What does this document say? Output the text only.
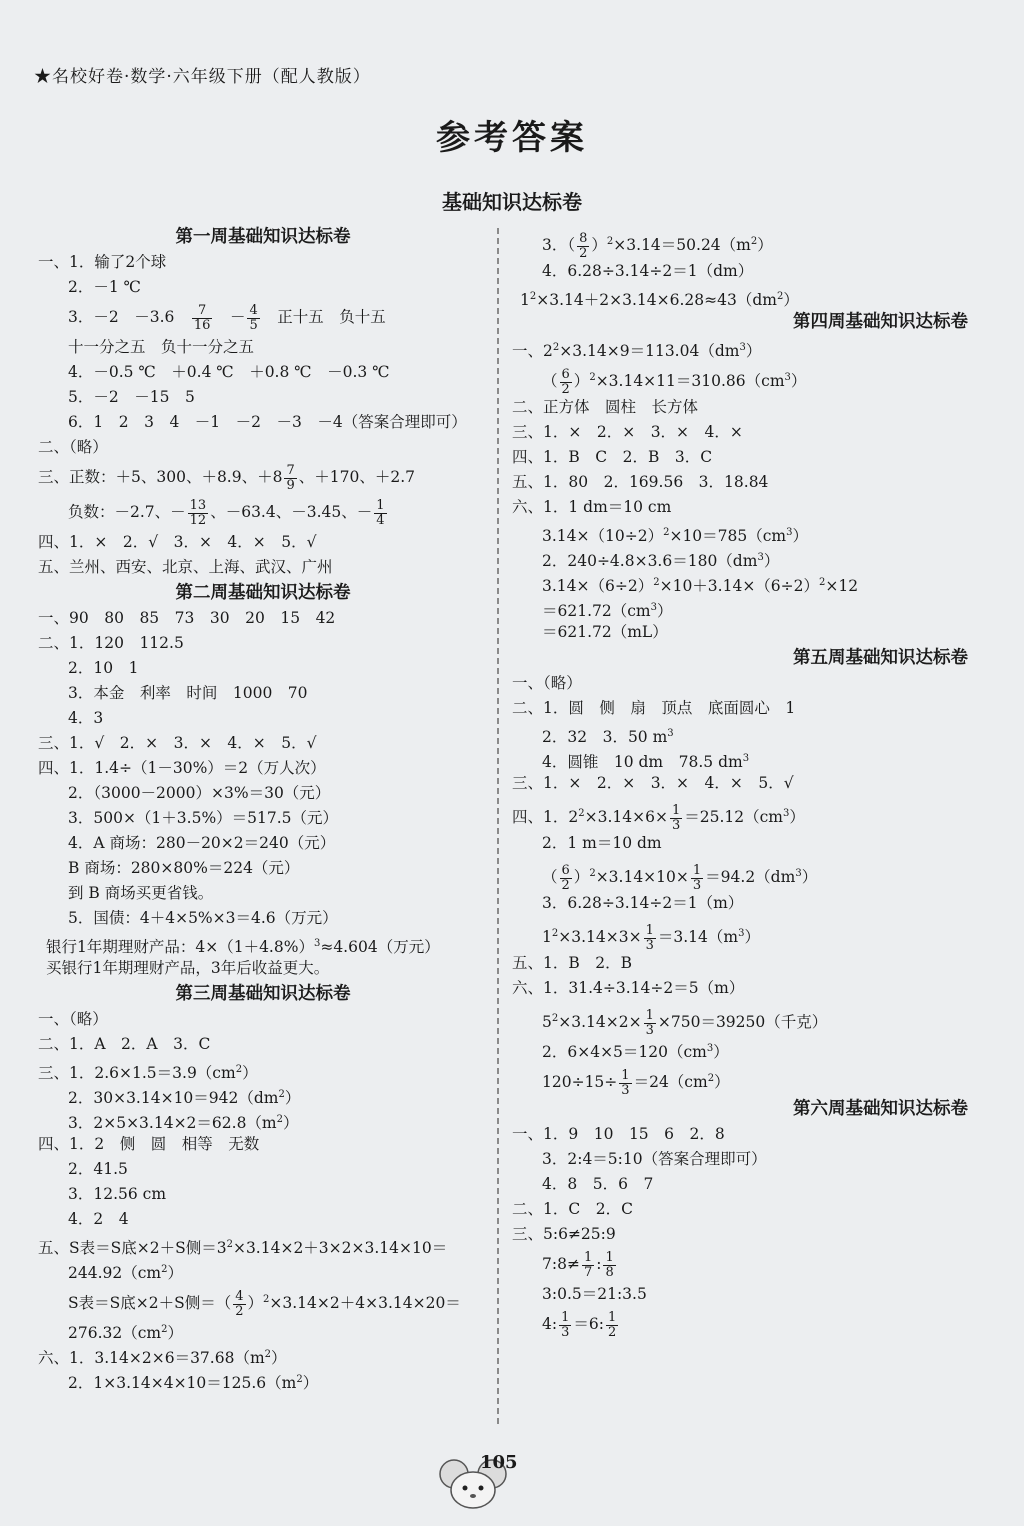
★名校好卷·数学·六年级下册（配人教版）
参考答案
基础知识达标卷
第一周基础知识达标卷
一、1．输了2个球
2．－1 ℃
3．－2　－3.6　 $\frac{7}{16}$
　 － $\frac{4}{5}$ 　正十五　负十五
十一分之五　负十一分之五
4．－0.5 ℃　＋0.4 ℃　＋0.8 ℃　－0.3 ℃
5．－2　－15　5
6．1　2　3　4　－1　－2　－3　－4（答案合理即可）
二、（略）
三、正数：＋5、300、＋8.9、$+8 \frac{7}{9}$ 、＋170、＋2.7
负数：－2.7、－ $\frac{13}{12}$ 、－63.4、－3.45、－ $\frac{1}{4}$
四、1．×　2．√　3．×　4．×　5．√
五、兰州、西安、北京、上海、武汉、广州
第二周基础知识达标卷
一、90　80　85　73　30　20　15　42
二、1．120　112.5
2．10　1
3．本金　利率　时间　1000　70
4．3
三、1．√　2．×　3．×　4．×　5．√
四、1．1.4÷（1－30%）＝2（万人次）
2．（3000－2000）×3%＝30（元）
3．500×（1＋3.5%）＝517.5（元）
4．A 商场：280－20×2＝240（元）
B 商场：280×80%＝224（元）
到 B 商场买更省钱。
5．国债：4＋4×5%×3＝4.6（万元）
银行1年期理财产品：$4\times(1+4.8\%)^3\approx 4.604$（万元）
买银行1年期理财产品，3年后收益更大。
第三周基础知识达标卷
一、（略）
二、1．A　2．A　3．C
三、1．$2.6\times 1.5=3.9(cm^2)$
2．$30\times 3.14\times 10=942(dm^2)$
3．$2\times 5\times 3.14\times 2=62.8(m^2)$
四、1．2　侧　圆　相等　无数
2．41.5
3．12.56 cm
4．2　4
五、S表＝S底×2＋S侧$=3^2\times 3.14\times 2+3\times 2\times 3.14\times 10=$
$244.92(cm^2)$
S表＝S底×2＋S侧＝（ $\frac{4}{2} )^2\times 3.14\times 2+4\times 3.14\times 20=$
$276.32(cm^2)$
六、1．$3.14\times 2\times 6=37.68(m^2)$
2．$1\times 3.14\times 4\times 10=125.6(m^2)$
3．（ $\frac{8}{2} )^2\times 3.14=50.24(m^2)$
4．6.28÷3.14÷2＝1（dm）
$1^2\times 3.14+2\times 3.14\times 6.28\approx 43(dm^2)$
第四周基础知识达标卷
一、$2^2\times 3.14\times 9=113.04(dm^3)$
（ $\frac{6}{2} )^2\times 3.14\times 11=310.86(cm^3)$
二、正方体　圆柱　长方体
三、1．×　2．×　3．×　4．×
四、1．B　C　2．B　3．C
五、1．80　2．169.56　3．18.84
六、1．1 dm＝10 cm
$3.14\times(10\div 2)^2\times 10=785(cm^3)$
2．$240\div 4.8\times 3.6=180(dm^3)$
$3.14\times(6\div 2)^2\times 10+3.14\times(6\div 2)^2\times 12$
$=621.72(cm^3)$
＝621.72（mL）
第五周基础知识达标卷
一、（略）
二、1．圆　侧　扇　顶点　底面圆心　1
2．32　3．50 $m^3$
4．圆锥　10 dm　78.5 $dm^3$
三、1．×　2．×　3．×　4．×　5．√
四、1．$2^2\times 3.14\times 6\times \frac{1}{3} =25.12(cm^3)$
2．1 m＝10 dm
（ $\frac{6}{2} )^2\times 3.14\times 10\times \frac{1}{3} =94.2(dm^3)$
3．6.28÷3.14÷2＝1（m）
$1^2\times 3.14\times 3\times \frac{1}{3} =3.14(m^3)$
五、1．B　2．B
六、1．31.4÷3.14÷2＝5（m）
$5^2\times 3.14\times 2\times \frac{1}{3} \times 750=39250$（千克）
2．$6\times 4\times 5=120(cm^3)$
$120\div 15\div \frac{1}{3} =24(cm^2)$
第六周基础知识达标卷
一、1．9　10　15　6　2．8
3．2:4＝5:10（答案合理即可）
4．8　5．6　7
二、1．C　2．C
三、5:6≠25:9
7:8≠ $\frac{1}{7}$ : $\frac{1}{8}$
3:0.5＝21:3.5
4: $\frac{1}{3} =6$: $\frac{1}{2}$
105
